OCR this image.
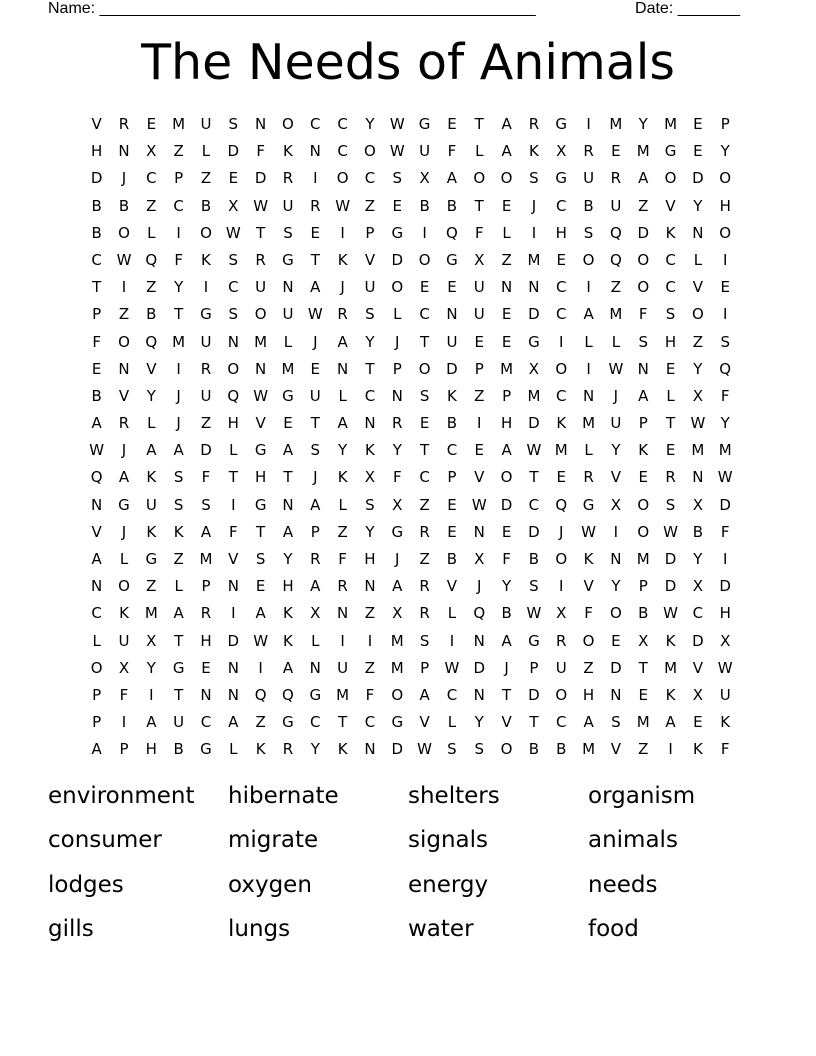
Name: _________________________________________________	Date: _______
The Needs of Animals
V	R	E	M	U	S	N	O	C	C	Y	W G	E	T	A	R	G	I	M	Y	M	E	P
H	N	X	Z	L	D	F	K	N	C	O W U	F	L	A	K	X	R	E	M	G	E	Y
D	J	C	P	Z	E	D	R	I	O	C	S	X	A	O	O	S	G	U	R	A	O	D	O
B	B	Z	C	B	X W U	R W Z	E	B	B	T	E	J	C	B	U	Z	V	Y	H
B	O	L	I	O W	T	S	E	I	P	G	I	Q	F	L	I	H	S	Q	D	K	N	O
C W Q	F	K	S	R	G	T	K	V	D	O	G	X	Z	M	E	O	Q	O	C	L	I
T	I	Z	Y	I	C	U	N	A	J	U	O	E	E	U	N	N	C	I	Z	O	C	V	E
P	Z	B	T	G	S	O	U W R	S	L	C	N	U	E	D	C	A	M	F	S	O	I
F	O	Q M	U	N	M	L	J	A	Y	J	T	U	E	E	G	I	L	L	S	H	Z	S
E	N	V	I	R	O	N	M	E	N	T	P	O	D	P	M	X	O	I	W N	E	Y	Q
B	V	Y	J	U	Q W G	U	L	C	N	S	K	Z	P	M	C	N	J	A	L	X	F
A	R	L	J	Z	H	V	E	T	A	N	R	E	B	I	H	D	K	M	U	P	T	W	Y
W	J	A	A	D	L	G	A	S	Y	K	Y	T	C	E	A W M	L	Y	K	E	M M
Q	A	K	S	F	T	H	T	J	K	X	F	C	P	V	O	T	E	R	V	E	R	N W
N	G	U	S	S	I	G	N	A	L	S	X	Z	E	W D	C	Q	G	X	O	S	X	D
V	J	K	K	A	F	T	A	P	Z	Y	G	R	E	N	E	D	J	W	I	O W B	F
A	L	G	Z	M	V	S	Y	R	F	H	J	Z	B	X	F	B	O	K	N	M	D	Y	I
N	O	Z	L	P	N	E	H	A	R	N	A	R	V	J	Y	S	I	V	Y	P	D	X	D
C	K	M	A	R	I	A	K	X	N	Z	X	R	L	Q	B W X	F	O	B W C	H
L	U	X	T	H	D W K	L	I	I	M	S	I	N	A	G	R	O	E	X	K	D	X
O	X	Y	G	E	N	I	A	N	U	Z	M	P	W D	J	P	U	Z	D	T	M	V W
P	F	I	T	N	N	Q	Q	G	M	F	O	A	C	N	T	D	O	H	N	E	K	X	U
P	I	A	U	C	A	Z	G	C	T	C	G	V	L	Y	V	T	C	A	S	M	A	E	K
A	P	H	B	G	L	K	R	Y	K	N	D W	S	S	O	B	B	M	V	Z	I	K	F
environment	hibernate	shelters	organism
consumer	migrate	signals	animals
lodges	oxygen	energy	needs
gills	lungs	water	food
